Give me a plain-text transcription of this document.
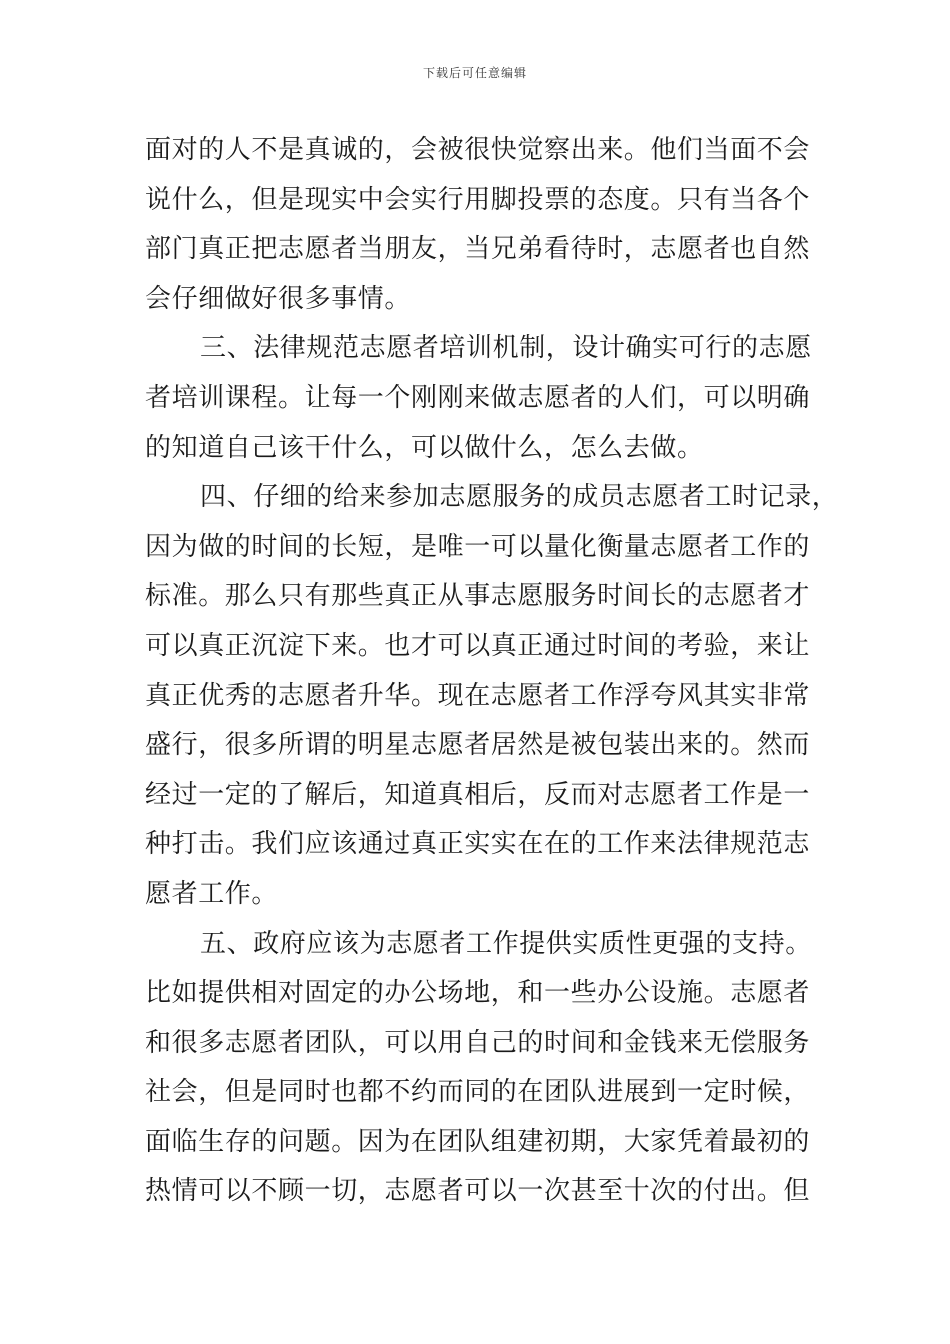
下载后可任意编辑
面对的人不是真诚的，会被很快觉察出来。他们当面不会
说什么，但是现实中会实行用脚投票的态度。只有当各个
部门真正把志愿者当朋友，当兄弟看待时，志愿者也自然
会仔细做好很多事情。
三、法律规范志愿者培训机制，设计确实可行的志愿
者培训课程。让每一个刚刚来做志愿者的人们，可以明确
的知道自己该干什么，可以做什么，怎么去做。
四、仔细的给来参加志愿服务的成员志愿者工时记录，
因为做的时间的长短，是唯一可以量化衡量志愿者工作的
标准。那么只有那些真正从事志愿服务时间长的志愿者才
可以真正沉淀下来。也才可以真正通过时间的考验，来让
真正优秀的志愿者升华。现在志愿者工作浮夸风其实非常
盛行，很多所谓的明星志愿者居然是被包装出来的。然而
经过一定的了解后，知道真相后，反而对志愿者工作是一
种打击。我们应该通过真正实实在在的工作来法律规范志
愿者工作。
五、政府应该为志愿者工作提供实质性更强的支持。
比如提供相对固定的办公场地，和一些办公设施。志愿者
和很多志愿者团队，可以用自己的时间和金钱来无偿服务
社会，但是同时也都不约而同的在团队进展到一定时候，
面临生存的问题。因为在团队组建初期，大家凭着最初的
热情可以不顾一切，志愿者可以一次甚至十次的付出。但
